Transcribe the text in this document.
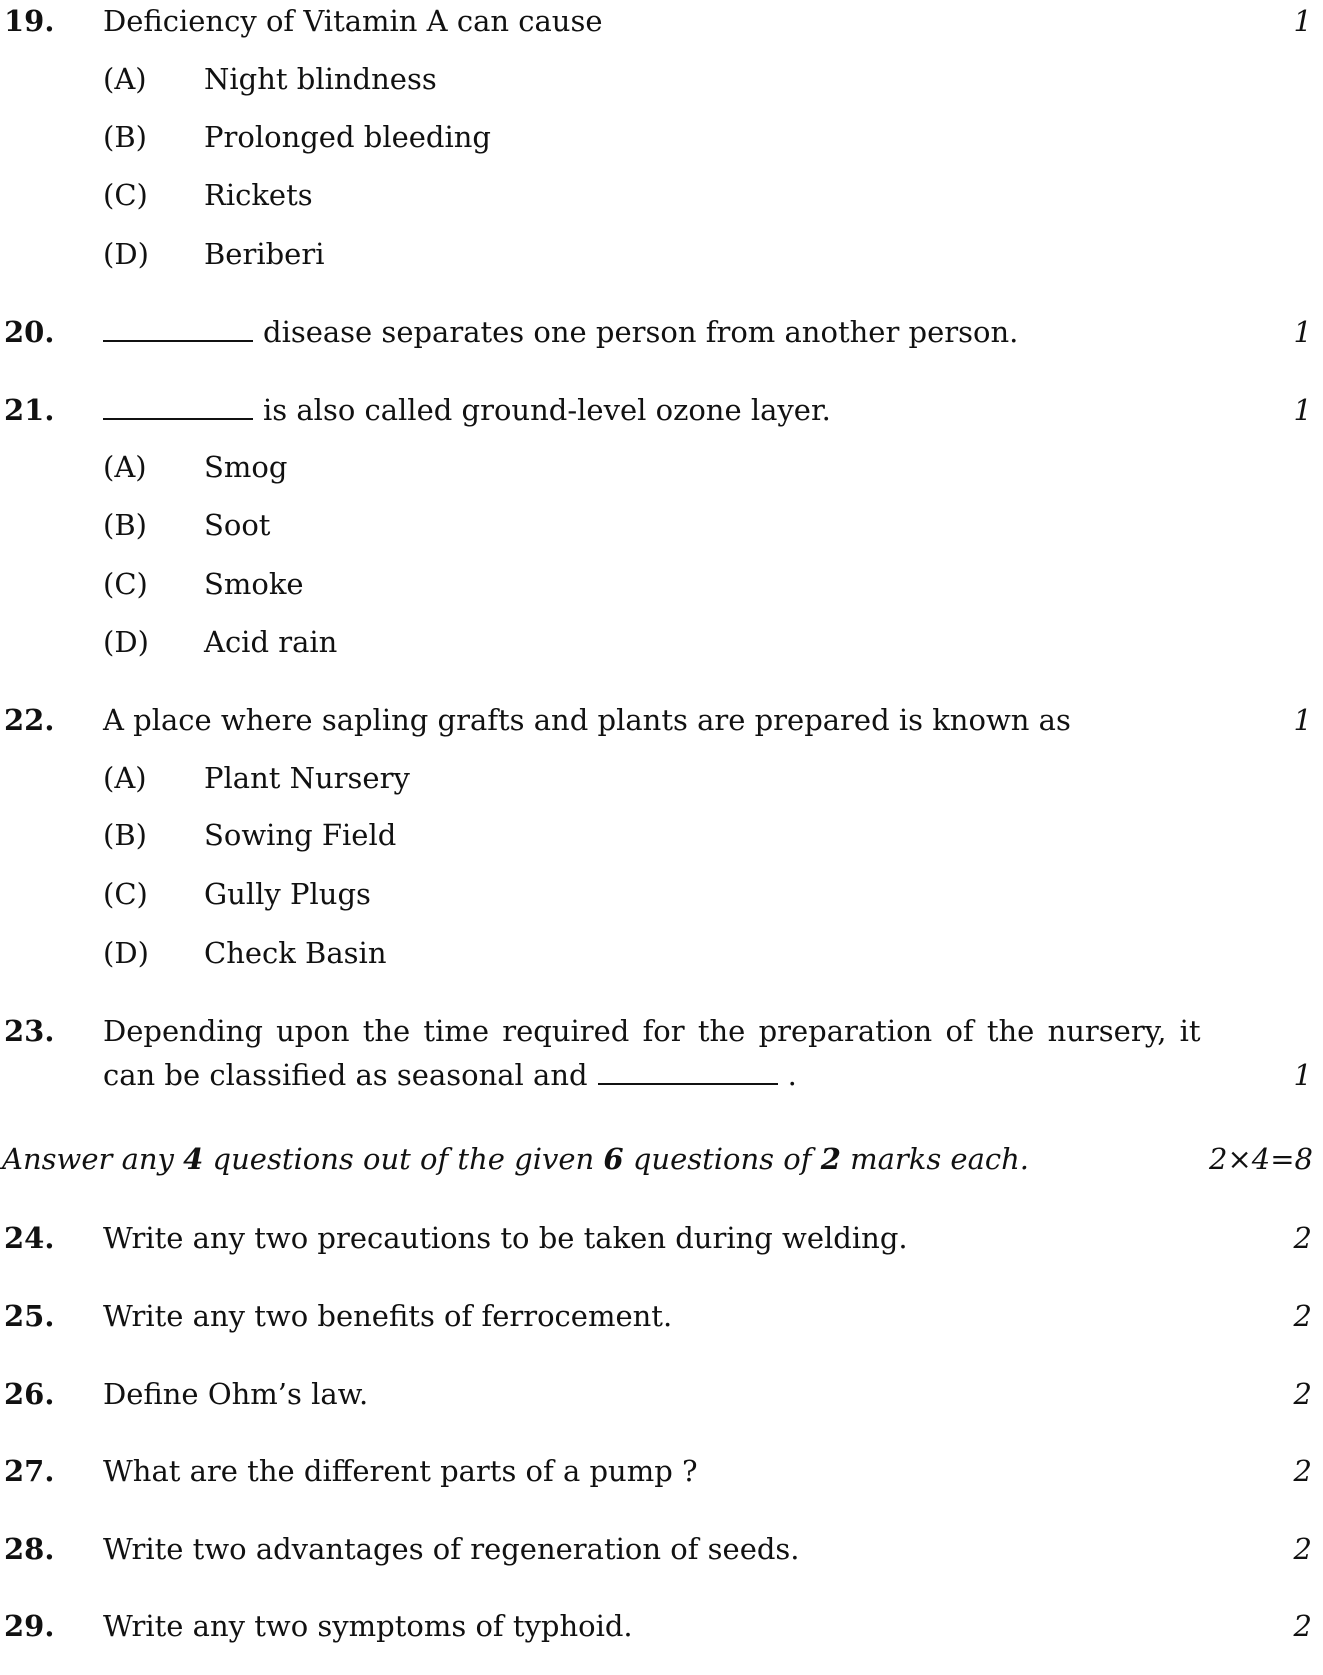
19. Deficiency of Vitamin A can cause	1
(A) Night blindness
(B) Prolonged bleeding
(C) Rickets
(D) Beriberi
20.	disease separates one person from another person.	1
21.	is also called ground-level ozone layer.	1
(A) Smog
(B) Soot
(C) Smoke
(D) Acid rain
22. A place where sapling grafts and plants are prepared is known as	1
(A) Plant Nursery
(B) Sowing Field
(C) Gully Plugs
(D) Check Basin
23. Depending upon the time required for the preparation of the nursery, it
can be classified as seasonal and	.	1
Answer any 4 questions out of the given 6 questions of 2 marks each.	2×4=8
24. Write any two precautions to be taken during welding.	2
25. Write any two benefits of ferrocement.	2
26. Define Ohm’s law.	2
27. What are the different parts of a pump ?	2
28. Write two advantages of regeneration of seeds.	2
29. Write any two symptoms of typhoid.	2
